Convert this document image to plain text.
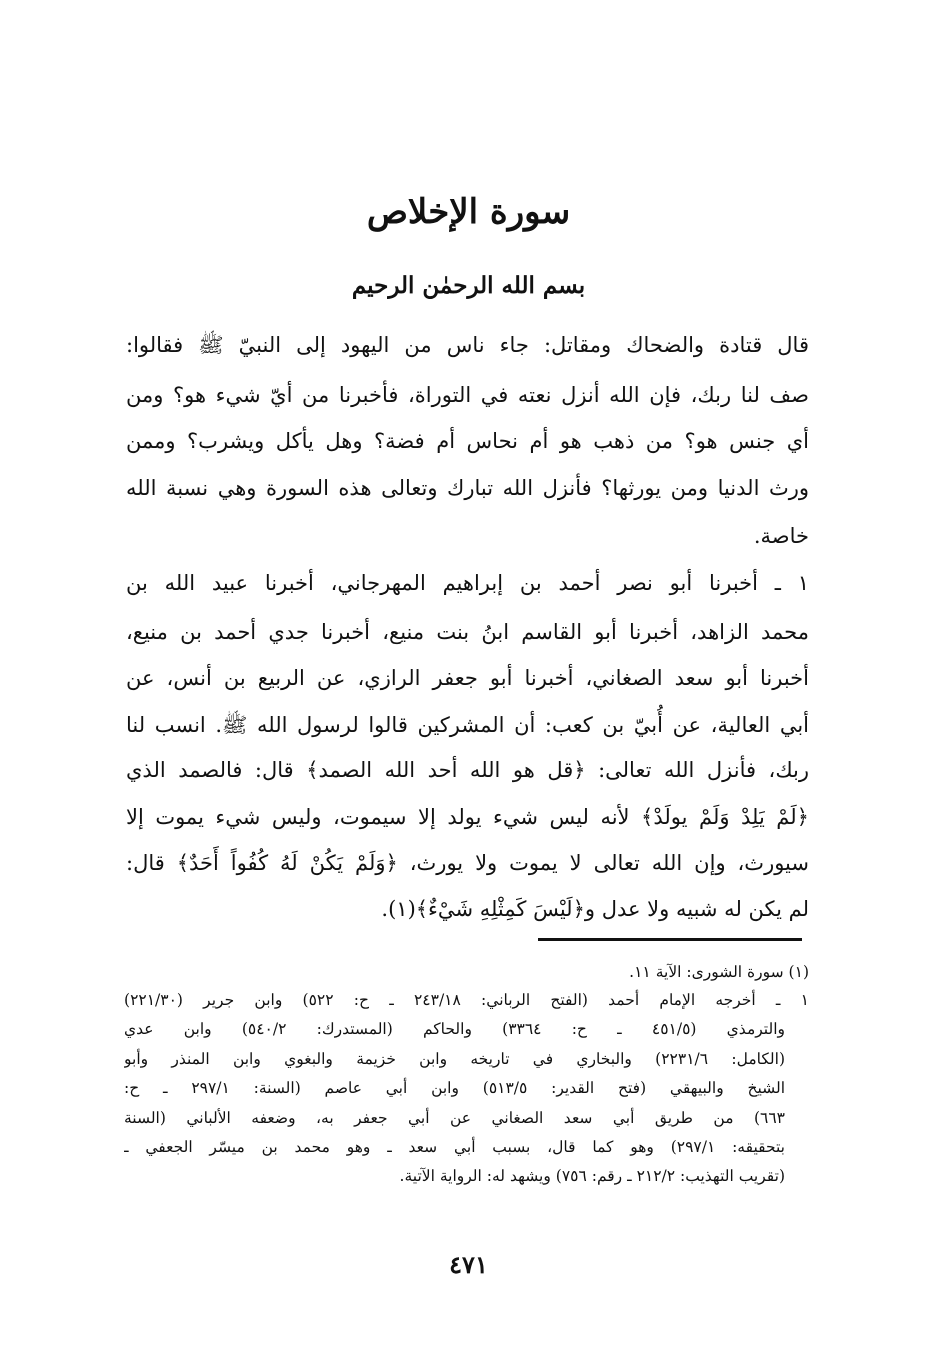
سورة الإخلاص
بسم الله الرحمٰن الرحيم
قال قتادة والضحاك ومقاتل: جاء ناس من اليهود إلى النبيّ ﷺ فقالوا:
صف لنا ربك، فإن الله أنزل نعته في التوراة، فأخبرنا من أيّ شيء هو؟ ومن
أي جنس هو؟ من ذهب هو أم نحاس أم فضة؟ وهل يأكل ويشرب؟ وممن
ورث الدنيا ومن يورثها؟ فأنزل الله تبارك وتعالى هذه السورة وهي نسبة الله
خاصة.
١ ـ أخبرنا أبو نصر أحمد بن إبراهيم المهرجاني، أخبرنا عبيد الله بن
محمد الزاهد، أخبرنا أبو القاسم ابنُ بنت منيع، أخبرنا جدي أحمد بن منيع،
أخبرنا أبو سعد الصغاني، أخبرنا أبو جعفر الرازي، عن الربيع بن أنس، عن
أبي العالية، عن أُبيّ بن كعب: أن المشركين قالوا لرسول الله ﷺ. انسب لنا
ربك، فأنزل الله تعالى: ﴿قل هو الله أحد الله الصمد﴾ قال: فالصمد الذي
﴿لَمْ يَلِدْ وَلَمْ يولَدْ﴾ لأنه ليس شيء يولد إلا سيموت، وليس شيء يموت إلا
سيورث، وإن الله تعالى لا يموت ولا يورث، ﴿وَلَمْ يَكُنْ لَهُ كُفُواً أَحَدٌ﴾ قال:
لم يكن له شبيه ولا عدل و﴿لَيْسَ كَمِثْلِهِ شَيْءٌ﴾(١).
(١) سورة الشورى: الآية ١١.
١ ـ أخرجه الإمام أحمد (الفتح الرباني: ٢٤٣/١٨ ـ ح: ٥٢٢) وابن جرير (٢٢١/٣٠)
والترمذي (٤٥١/٥ ـ ح: ٣٣٦٤) والحاكم (المستدرك: ٥٤٠/٢) وابن عدي
(الكامل: ٢٢٣١/٦) والبخاري في تاريخه وابن خزيمة والبغوي وابن المنذر وأبو
الشيخ والبيهقي (فتح القدير: ٥١٣/٥) وابن أبي عاصم (السنة: ٢٩٧/١ ـ ح:
٦٦٣) من طريق أبي سعد الصغاني عن أبي جعفر به، وضعفه الألباني (السنة
بتحقيقه: ٢٩٧/١) وهو كما قال، بسبب أبي سعد ـ وهو محمد بن ميسّر الجعفي ـ
(تقريب التهذيب: ٢١٢/٢ ـ رقم: ٧٥٦) ويشهد له: الرواية الآتية.
٤٧١
